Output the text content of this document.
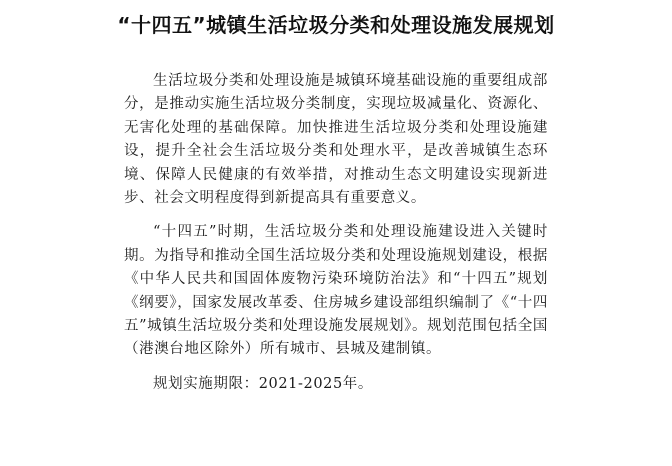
“十四五”城镇生活垃圾分类和处理设施发展规划

生活垃圾分类和处理设施是城镇环境基础设施的重要组成部分，是推动实施生活垃圾分类制度，实现垃圾减量化、资源化、无害化处理的基础保障。加快推进生活垃圾分类和处理设施建设，提升全社会生活垃圾分类和处理水平，是改善城镇生态环境、保障人民健康的有效举措，对推动生态文明建设实现新进步、社会文明程度得到新提高具有重要意义。

“十四五”时期，生活垃圾分类和处理设施建设进入关键时期。为指导和推动全国生活垃圾分类和处理设施规划建设，根据《中华人民共和国固体废物污染环境防治法》和“十四五”规划《纲要》，国家发展改革委、住房城乡建设部组织编制了《“十四五”城镇生活垃圾分类和处理设施发展规划》。规划范围包括全国（港澳台地区除外）所有城市、县城及建制镇。

规划实施期限：2021-2025年。
